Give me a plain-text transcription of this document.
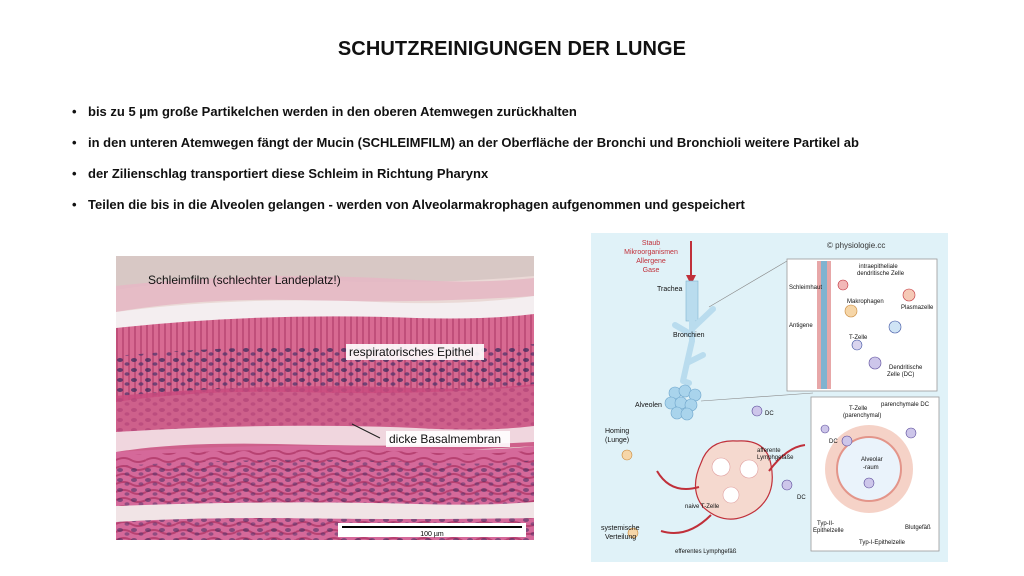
SCHUTZREINIGUNGEN DER LUNGE
• bis zu 5 µm große Partikelchen werden in den oberen Atemwegen zurückhalten
• in den unteren Atemwegen fängt der Mucin (SCHLEIMFILM) an der Oberfläche der Bronchi und Bronchioli weitere Partikel ab
• der Zilienschlag transportiert diese Schleim in Richtung Pharynx
• Teilen die bis in die Alveolen gelangen - werden von Alveolarmakrophagen aufgenommen und gespeichert
Schleimfilm (schlechter Landeplatz!)
respiratorisches Epithel
dicke Basalmembran
100 µm
Staub
Mikroorganismen
Allergene
Gase
© physiologie.cc
Trachea
Bronchien
Alveolen
Schleimhaut
Antigene
intraepitheliale
dendritische Zelle
Makrophagen
Plasmazelle
T-Zelle
Dendritische
Zelle (DC)
T-Zelle
(parenchymal)
parenchymale DC
Alveolar
-raum
Typ-II-
Epithelzelle	Blutgefäß
Typ-I-Epithelzelle
Homing
(Lunge)
systemische
Verteilung
efferentes Lymphgefäß
naive T-Zelle
afferente
Lymphgefäße
DC
DC
DC
